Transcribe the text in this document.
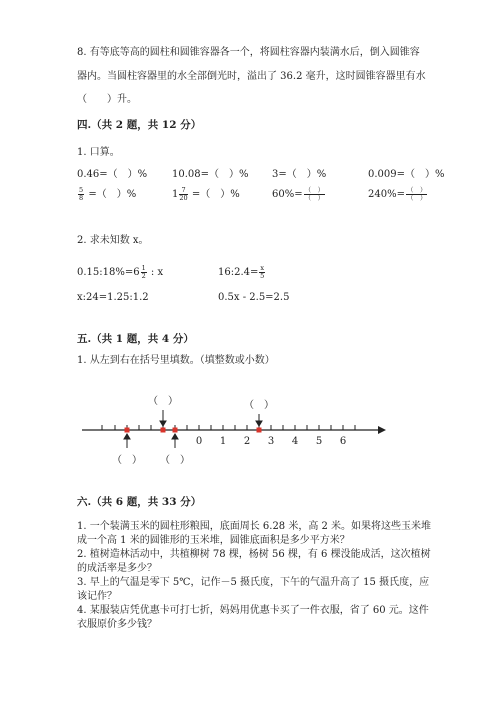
8. 有等底等高的圆柱和圆锥容器各一个，将圆柱容器内装满水后，倒入圆锥容
器内。当圆柱容器里的水全部倒光时，溢出了 36.2 毫升，这时圆锥容器里有水
（　　）升。
四.（共 2 题，共 12 分）
1. 口算。
0.46=（　）% 10.08=（　）% 3=（　）%	0.009=（　）%
$\frac{5}{8}$ =（　）%	$1 \frac{7}{20}$ =（　）%	$60\%= \frac{( )}{( )}$	$240\%= \frac{( )}{( )}$
2. 求未知数 x。
0.15:18%=6 $\frac{1}{2}$ : x	16:2.4= $\frac{x}{5}$
x:24=1.25:1.2	0.5x - 2.5=2.5
五.（共 1 题，共 4 分）
1. 从左到右在括号里填数。（填整数或小数）
0 1 2 3 4 5 6
（　）	（　）
（　） （　）
六.（共 6 题，共 33 分）
1. 一个装满玉米的圆柱形粮囤，底面周长 6.28 米，高 2 米。如果将这些玉米堆
成一个高 1 米的圆锥形的玉米堆，圆锥底面积是多少平方米？
2. 植树造林活动中，共植柳树 78 棵，杨树 56 棵，有 6 棵没能成活，这次植树
的成活率是多少？
3. 早上的气温是零下 5℃，记作－5 摄氏度，下午的气温升高了 15 摄氏度，应
该记作？
4. 某服装店凭优惠卡可打七折，妈妈用优惠卡买了一件衣服，省了 60 元。这件
衣服原价多少钱？
